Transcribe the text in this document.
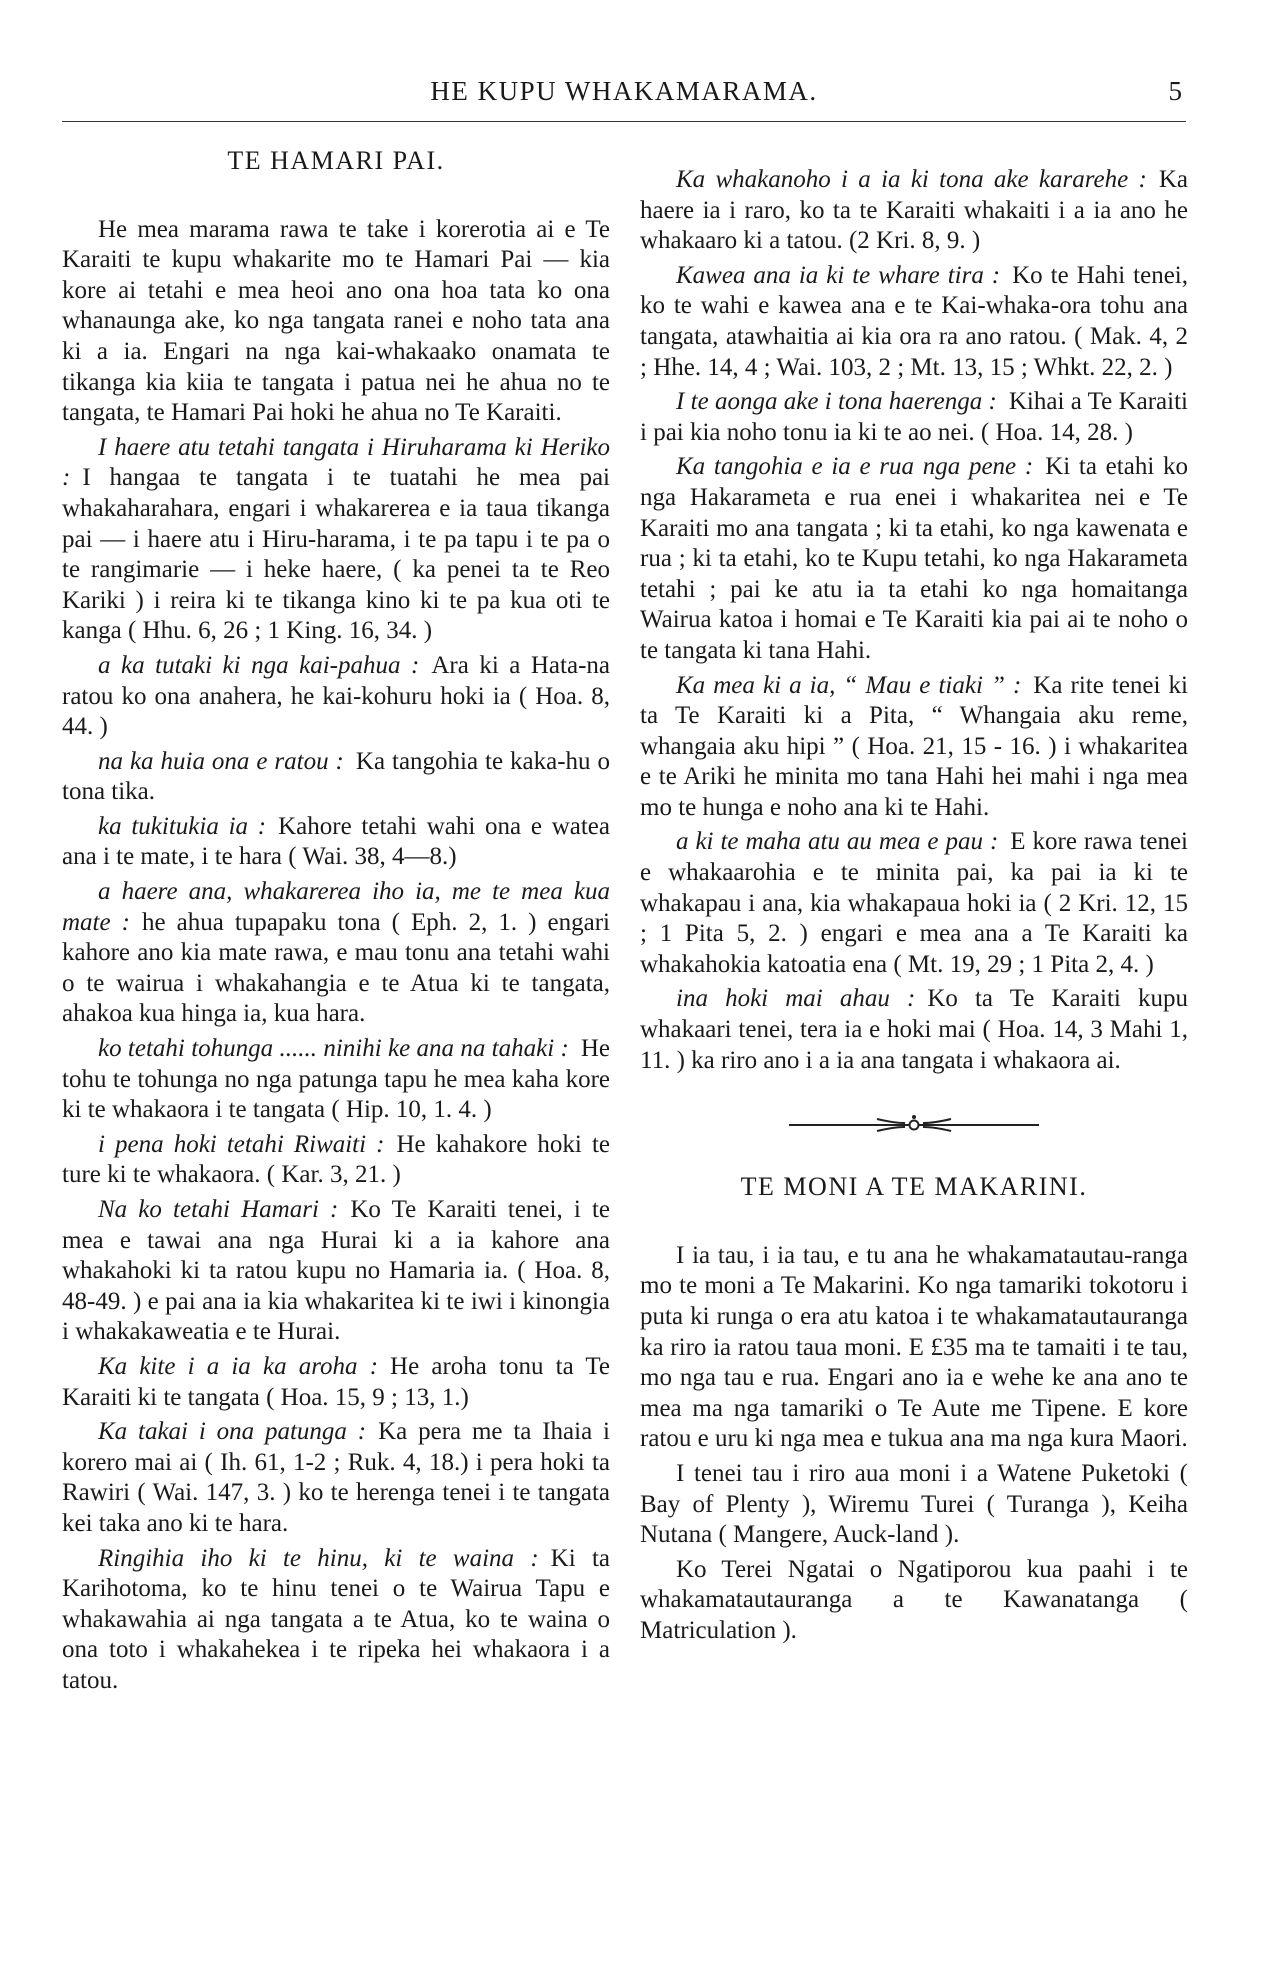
HE KUPU WHAKAMARAMA.	5
TE HAMARI PAI.

He mea marama rawa te take i korerotia ai e Te Karaiti te kupu whakarite mo te Hamari Pai — kia kore ai tetahi e mea heoi ano ona hoa tata ko ona whanaunga ake, ko nga tangata ranei e noho tata ana ki a ia. Engari na nga kai-whakaako onamata te tikanga kia kiia te tangata i patua nei he ahua no te tangata, te Hamari Pai hoki he ahua no Te Karaiti.

I haere atu tetahi tangata i Hiruharama ki Heriko : I hangaa te tangata i te tuatahi he mea pai whakaharahara, engari i whakarerea e ia taua tikanga pai — i haere atu i Hiru-harama, i te pa tapu i te pa o te rangimarie — i heke haere, ( ka penei ta te Reo Kariki ) i reira ki te tikanga kino ki te pa kua oti te kanga ( Hhu. 6, 26 ; 1 King. 16, 34. )

a ka tutaki ki nga kai-pahua : Ara ki a Hata-na ratou ko ona anahera, he kai-kohuru hoki ia ( Hoa. 8, 44. )

na ka huia ona e ratou : Ka tangohia te kaka-hu o tona tika.

ka tukitukia ia : Kahore tetahi wahi ona e watea ana i te mate, i te hara ( Wai. 38, 4—8.)

a haere ana, whakarerea iho ia, me te mea kua mate : he ahua tupapaku tona ( Eph. 2, 1. ) engari kahore ano kia mate rawa, e mau tonu ana tetahi wahi o te wairua i whakahangia e te Atua ki te tangata, ahakoa kua hinga ia, kua hara.

ko tetahi tohunga ...... ninihi ke ana na tahaki : He tohu te tohunga no nga patunga tapu he mea kaha kore ki te whakaora i te tangata ( Hip. 10, 1. 4. )

i pena hoki tetahi Riwaiti : He kahakore hoki te ture ki te whakaora. ( Kar. 3, 21. )

Na ko tetahi Hamari : Ko Te Karaiti tenei, i te mea e tawai ana nga Hurai ki a ia kahore ana whakahoki ki ta ratou kupu no Hamaria ia. ( Hoa. 8, 48-49. ) e pai ana ia kia whakaritea ki te iwi i kinongia i whakakaweatia e te Hurai.

Ka kite i a ia ka aroha : He aroha tonu ta Te Karaiti ki te tangata ( Hoa. 15, 9 ; 13, 1.)

Ka takai i ona patunga : Ka pera me ta Ihaia i korero mai ai ( Ih. 61, 1-2 ; Ruk. 4, 18.) i pera hoki ta Rawiri ( Wai. 147, 3. ) ko te herenga tenei i te tangata kei taka ano ki te hara.

Ringihia iho ki te hinu, ki te waina : Ki ta Karihotoma, ko te hinu tenei o te Wairua Tapu e whakawahia ai nga tangata a te Atua, ko te waina o ona toto i whakahekea i te ripeka hei whakaora i a tatou.

Ka whakanoho i a ia ki tona ake kararehe : Ka haere ia i raro, ko ta te Karaiti whakaiti i a ia ano he whakaaro ki a tatou. (2 Kri. 8, 9. )

Kawea ana ia ki te whare tira : Ko te Hahi tenei, ko te wahi e kawea ana e te Kai-whaka-ora tohu ana tangata, atawhaitia ai kia ora ra ano ratou. ( Mak. 4, 2 ; Hhe. 14, 4 ; Wai. 103, 2 ; Mt. 13, 15 ; Whkt. 22, 2. )

I te aonga ake i tona haerenga : Kihai a Te Karaiti i pai kia noho tonu ia ki te ao nei. ( Hoa. 14, 28. )

Ka tangohia e ia e rua nga pene : Ki ta etahi ko nga Hakarameta e rua enei i whakaritea nei e Te Karaiti mo ana tangata ; ki ta etahi, ko nga kawenata e rua ; ki ta etahi, ko te Kupu tetahi, ko nga Hakarameta tetahi ; pai ke atu ia ta etahi ko nga homaitanga Wairua katoa i homai e Te Karaiti kia pai ai te noho o te tangata ki tana Hahi.

Ka mea ki a ia, “ Mau e tiaki ” : Ka rite tenei ki ta Te Karaiti ki a Pita, “ Whangaia aku reme, whangaia aku hipi ” ( Hoa. 21, 15 - 16. ) i whakaritea e te Ariki he minita mo tana Hahi hei mahi i nga mea mo te hunga e noho ana ki te Hahi.

a ki te maha atu au mea e pau : E kore rawa tenei e whakaarohia e te minita pai, ka pai ia ki te whakapau i ana, kia whakapaua hoki ia ( 2 Kri. 12, 15 ; 1 Pita 5, 2. ) engari e mea ana a Te Karaiti ka whakahokia katoatia ena ( Mt. 19, 29 ; 1 Pita 2, 4. )

ina hoki mai ahau : Ko ta Te Karaiti kupu whakaari tenei, tera ia e hoki mai ( Hoa. 14, 3 Mahi 1, 11. ) ka riro ano i a ia ana tangata i whakaora ai.

TE MONI A TE MAKARINI.

I ia tau, i ia tau, e tu ana he whakamatautau-ranga mo te moni a Te Makarini. Ko nga tamariki tokotoru i puta ki runga o era atu katoa i te whakamatautauranga ka riro ia ratou taua moni. E £35 ma te tamaiti i te tau, mo nga tau e rua. Engari ano ia e wehe ke ana ano te mea ma nga tamariki o Te Aute me Tipene. E kore ratou e uru ki nga mea e tukua ana ma nga kura Maori.

I tenei tau i riro aua moni i a Watene Puketoki ( Bay of Plenty ), Wiremu Turei ( Turanga ), Keiha Nutana ( Mangere, Auck-land ).

Ko Terei Ngatai o Ngatiporou kua paahi i te whakamatautauranga a te Kawanatanga ( Matriculation ).
